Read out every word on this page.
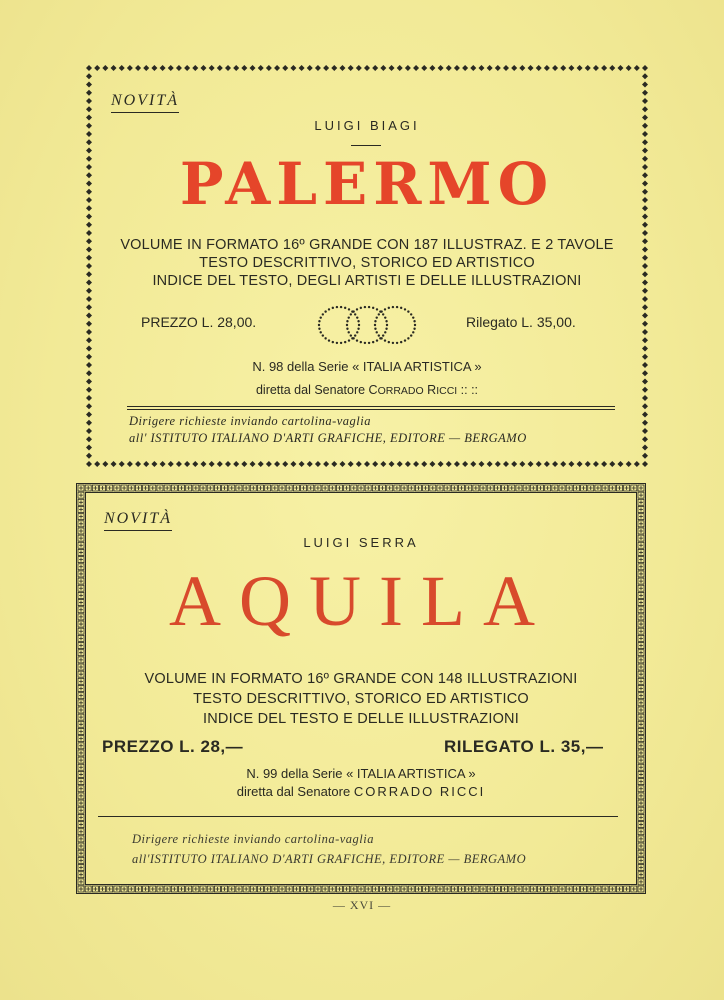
NOVITÀ
LUIGI BIAGI
PALERMO
VOLUME IN FORMATO 16º GRANDE CON 187 ILLUSTRAZ. E 2 TAVOLE
TESTO DESCRITTIVO, STORICO ED ARTISTICO
INDICE DEL TESTO, DEGLI ARTISTI E DELLE ILLUSTRAZIONI
PREZZO L. 28,00.	Rilegato L. 35,00.
N. 98 della Serie « ITALIA ARTISTICA »
diretta dal Senatore CORRADO RICCI :: ::
Dirigere richieste inviando cartolina-vaglia
all' ISTITUTO ITALIANO D'ARTI GRAFICHE, EDITORE — BERGAMO
NOVITÀ
LUIGI SERRA
AQUILA
VOLUME IN FORMATO 16º GRANDE CON 148 ILLUSTRAZIONI
TESTO DESCRITTIVO, STORICO ED ARTISTICO
INDICE DEL TESTO E DELLE ILLUSTRAZIONI
PREZZO L. 28,—	RILEGATO L. 35,—
N. 99 della Serie « ITALIA ARTISTICA »
diretta dal Senatore CORRADO RICCI
Dirigere richieste inviando cartolina-vaglia
all'ISTITUTO ITALIANO D'ARTI GRAFICHE, EDITORE — BERGAMO
— XVI —
